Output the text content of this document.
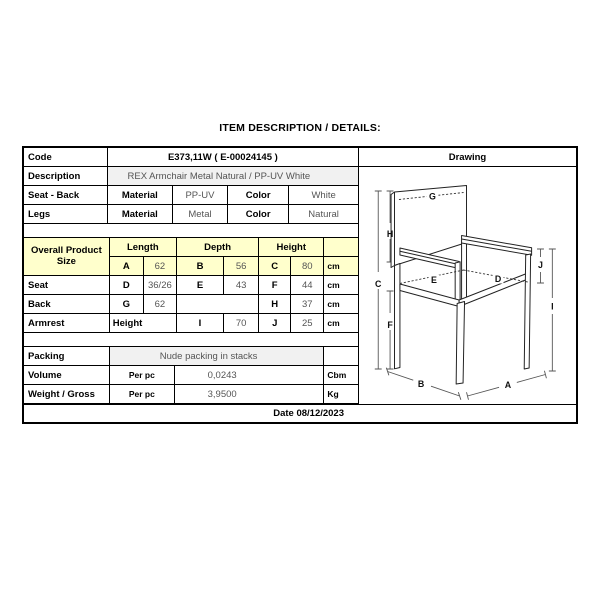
ITEM DESCRIPTION / DETAILS:
Code	E373,11W ( E-00024145 )			
Description	REX Armchair Metal Natural / PP-UV White			
Seat - Back	Material	PP-UV	Color	White
Legs	Material	Metal	Color	Natural
Overall Product Size	Length		Depth		Height		
	A	62	B	56	C	80	cm
Seat	D	36/26	E	43	F	44	cm
Back	G	62			H	37	cm
Armrest	Height		I	70	J	25	cm
Packing	Nude packing in stacks		
Volume	Per pc	0,0243	Cbm
Weight / Gross	Per pc	3,9500	Kg
Drawing
G
H
C
F
E	D
J
I
B	A
Date 08/12/2023
